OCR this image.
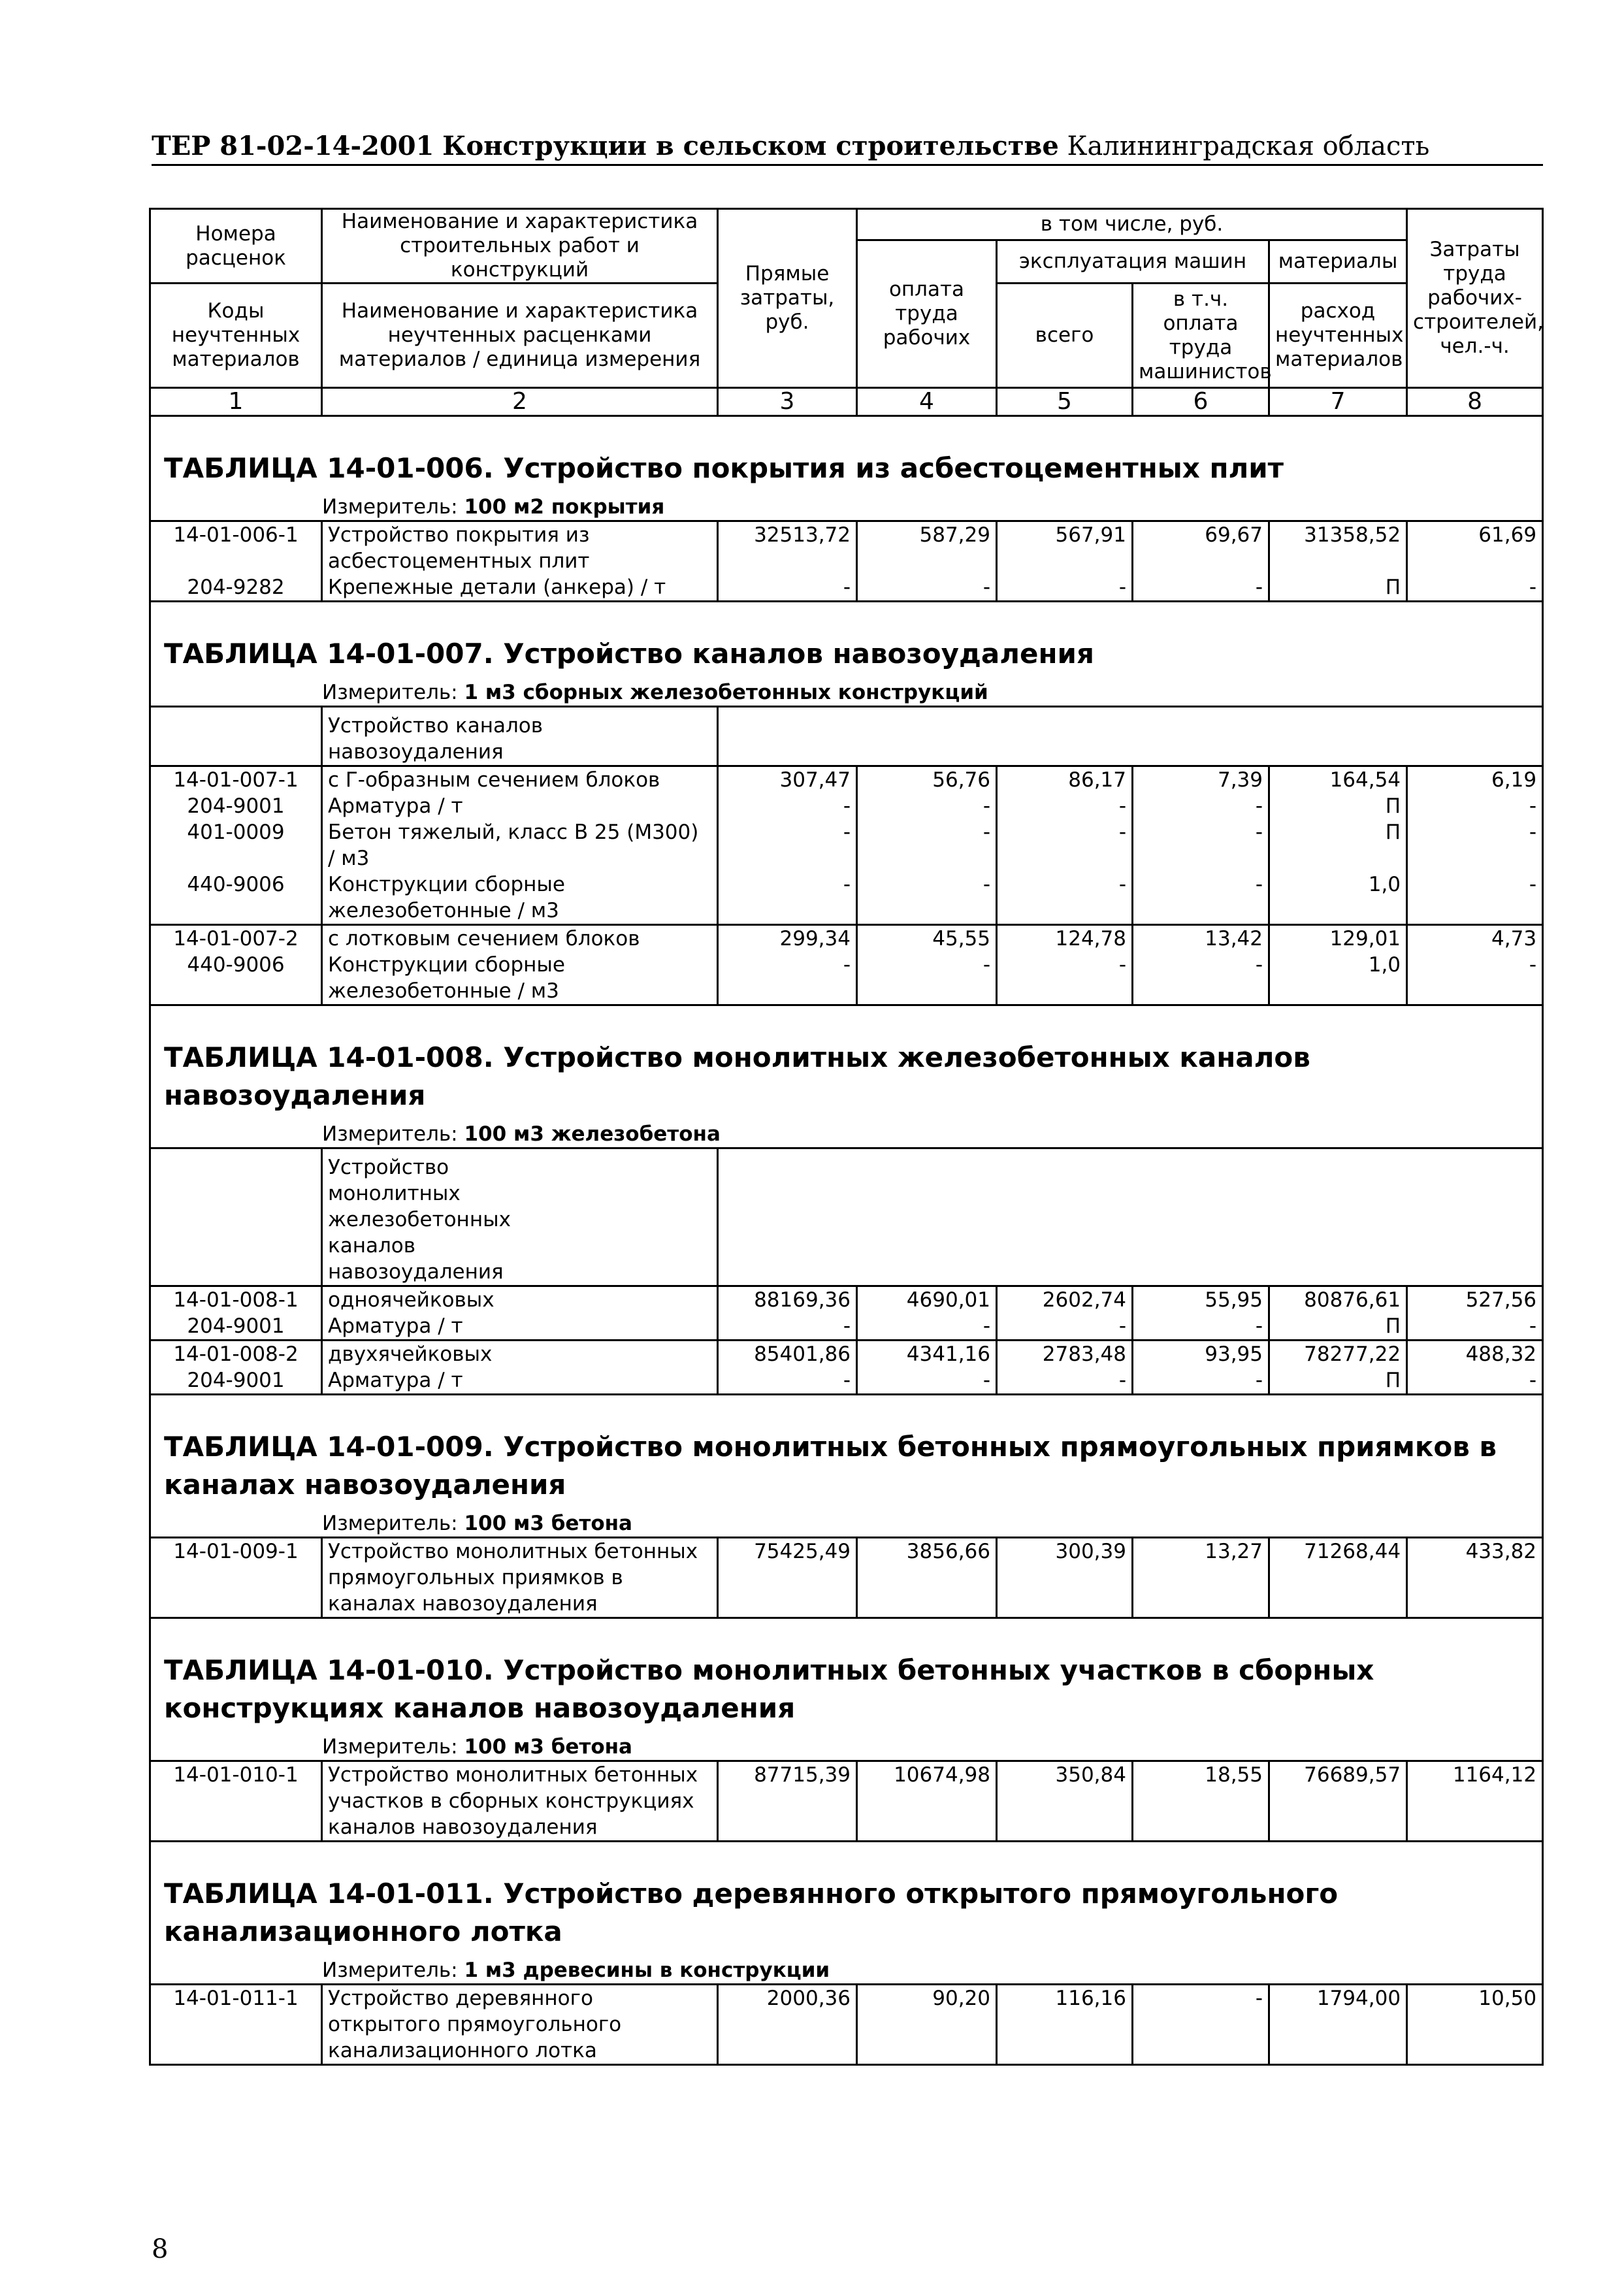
ТЕР 81-02-14-2001 Конструкции в сельском строительстве Калининградская область
Номера расценок	Наименование и характеристика строительных работ и конструкций	Прямые затраты, руб.	в том числе, руб.				Затраты труда рабочих-строителей, чел.-ч.
			оплата труда рабочих	эксплуатация машин		материалы	

Коды неучтенных материалов	Наименование и характеристика неучтенных расценками материалов / единица измерения			всего	в т.ч. оплата труда машинистов	расход неучтенных материалов	

1	2	3	4	5	6	7	8
ТАБЛИЦА 14-01-006. Устройство покрытия из асбестоцементных плит							
Измеритель: 100 м2 покрытия							
14-01-006-1	Устройство покрытия из асбестоцементных плит	32513,72	587,29	567,91	69,67	31358,52	61,69
204-9282	Крепежные детали (анкера) / т	-	-	-	-	П	-
ТАБЛИЦА 14-01-007. Устройство каналов навозоудаления							
Измеритель: 1 м3 сборных железобетонных конструкций							
	Устройство каналов навозоудаления						
14-01-007-1	с Г-образным сечением блоков	307,47	56,76	86,17	7,39	164,54	6,19
204-9001	Арматура / т	-	-	-	-	П	-
401-0009	Бетон тяжелый, класс В 25 (М300) / м3	-	-	-	-	П	-
440-9006	Конструкции сборные железобетонные / м3	-	-	-	-	1,0	-
14-01-007-2	с лотковым сечением блоков	299,34	45,55	124,78	13,42	129,01	4,73
440-9006	Конструкции сборные железобетонные / м3	-	-	-	-	1,0	-
ТАБЛИЦА 14-01-008. Устройство монолитных железобетонных каналов навозоудаления							
Измеритель: 100 м3 железобетона							
	Устройство монолитных железобетонных каналов навозоудаления						
14-01-008-1	одноячейковых	88169,36	4690,01	2602,74	55,95	80876,61	527,56
204-9001	Арматура / т	-	-	-	-	П	-
14-01-008-2	двухячейковых	85401,86	4341,16	2783,48	93,95	78277,22	488,32
204-9001	Арматура / т	-	-	-	-	П	-
ТАБЛИЦА 14-01-009. Устройство монолитных бетонных прямоугольных приямков в каналах навозоудаления							
Измеритель: 100 м3 бетона							
14-01-009-1	Устройство монолитных бетонных прямоугольных приямков в каналах навозоудаления	75425,49	3856,66	300,39	13,27	71268,44	433,82
ТАБЛИЦА 14-01-010. Устройство монолитных бетонных участков в сборных конструкциях каналов навозоудаления							
Измеритель: 100 м3 бетона							
14-01-010-1	Устройство монолитных бетонных участков в сборных конструкциях каналов навозоудаления	87715,39	10674,98	350,84	18,55	76689,57	1164,12
ТАБЛИЦА 14-01-011. Устройство деревянного открытого прямоугольного канализационного лотка							
Измеритель: 1 м3 древесины в конструкции							
14-01-011-1	Устройство деревянного открытого прямоугольного канализационного лотка	2000,36	90,20	116,16	-	1794,00	10,50
8
